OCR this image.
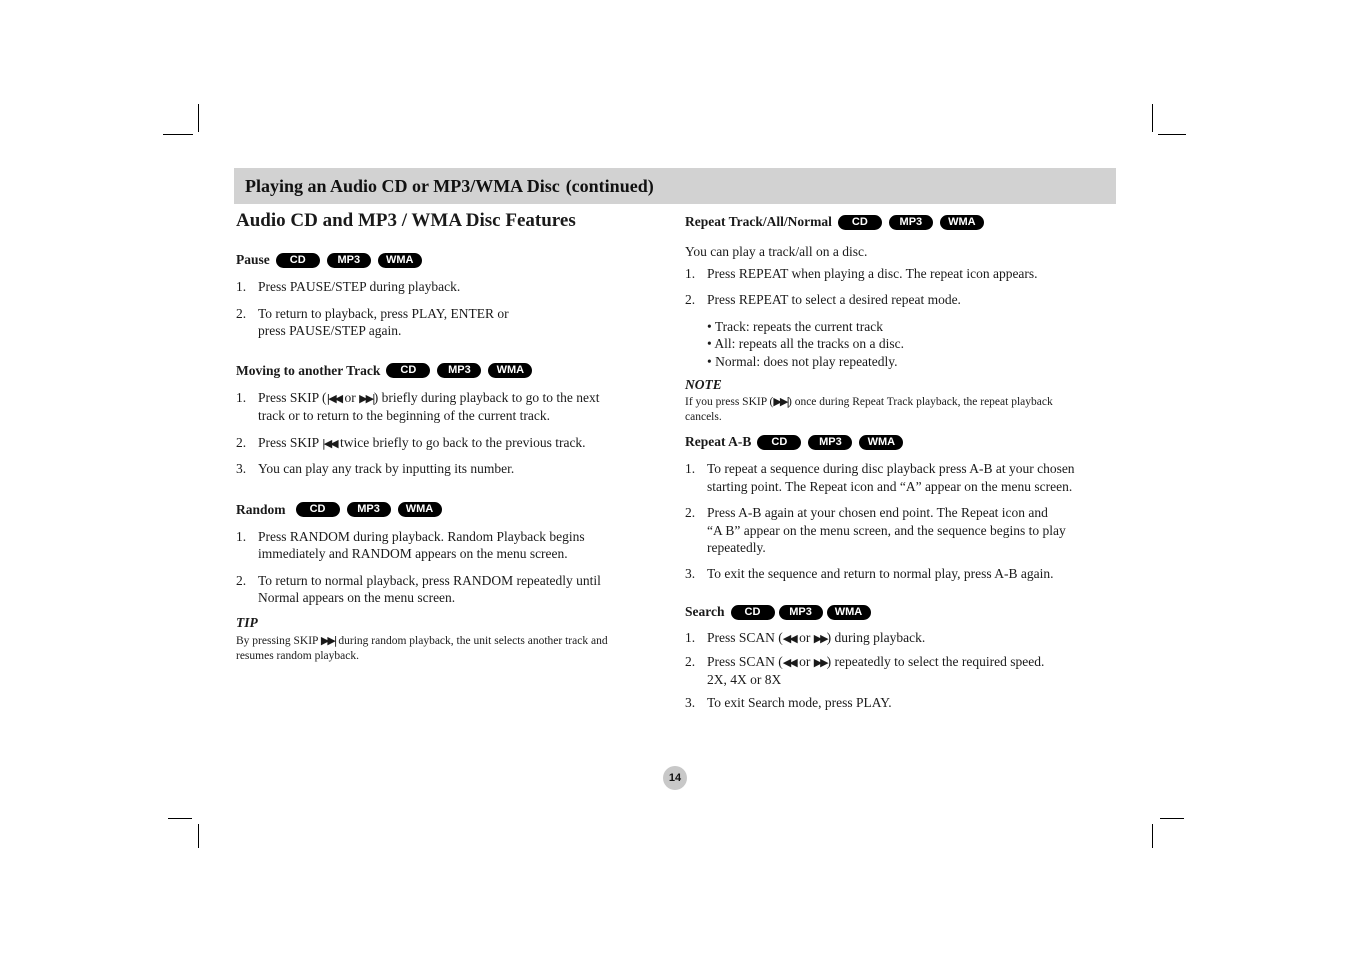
Playing an Audio CD or MP3/WMA Disc (continued)
Audio CD and MP3 / WMA Disc Features
Pause	CD	MP3	WMA
1. Press PAUSE/STEP during playback.
2. To return to playback, press PLAY, ENTER or
press PAUSE/STEP again.
Moving to another Track	CD	MP3	WMA
1. Press SKIP (|◀◀ or ▶▶|) briefly during playback to go to the next
track or to return to the beginning of the current track.
2. Press SKIP |◀◀ twice briefly to go back to the previous track.
3. You can play any track by inputting its number.
Random	CD	MP3	WMA
1. Press RANDOM during playback. Random Playback begins
immediately and RANDOM appears on the menu screen.
2. To return to normal playback, press RANDOM repeatedly until
Normal appears on the menu screen.
TIP
By pressing SKIP ▶▶| during random playback, the unit selects another track and
resumes random playback.
Repeat Track/All/Normal	CD	MP3	WMA

You can play a track/all on a disc.

1. Press REPEAT when playing a disc. The repeat icon appears.
2. Press REPEAT to select a desired repeat mode.
• Track: repeats the current track
• All: repeats all the tracks on a disc.
• Normal: does not play repeatedly.
NOTE
If you press SKIP (▶▶|) once during Repeat Track playback, the repeat playback
cancels.
Repeat A-B	CD	MP3	WMA
1. To repeat a sequence during disc playback press A-B at your chosen
starting point. The Repeat icon and “A” appear on the menu screen.
2. Press A-B again at your chosen end point. The Repeat icon and
“A B” appear on the menu screen, and the sequence begins to play
repeatedly.
3. To exit the sequence and return to normal play, press A-B again.
Search	CD	MP3	WMA
1. Press SCAN (◀◀ or ▶▶) during playback.
2. Press SCAN (◀◀ or ▶▶) repeatedly to select the required speed.
2X, 4X or 8X
3. To exit Search mode, press PLAY.
14
